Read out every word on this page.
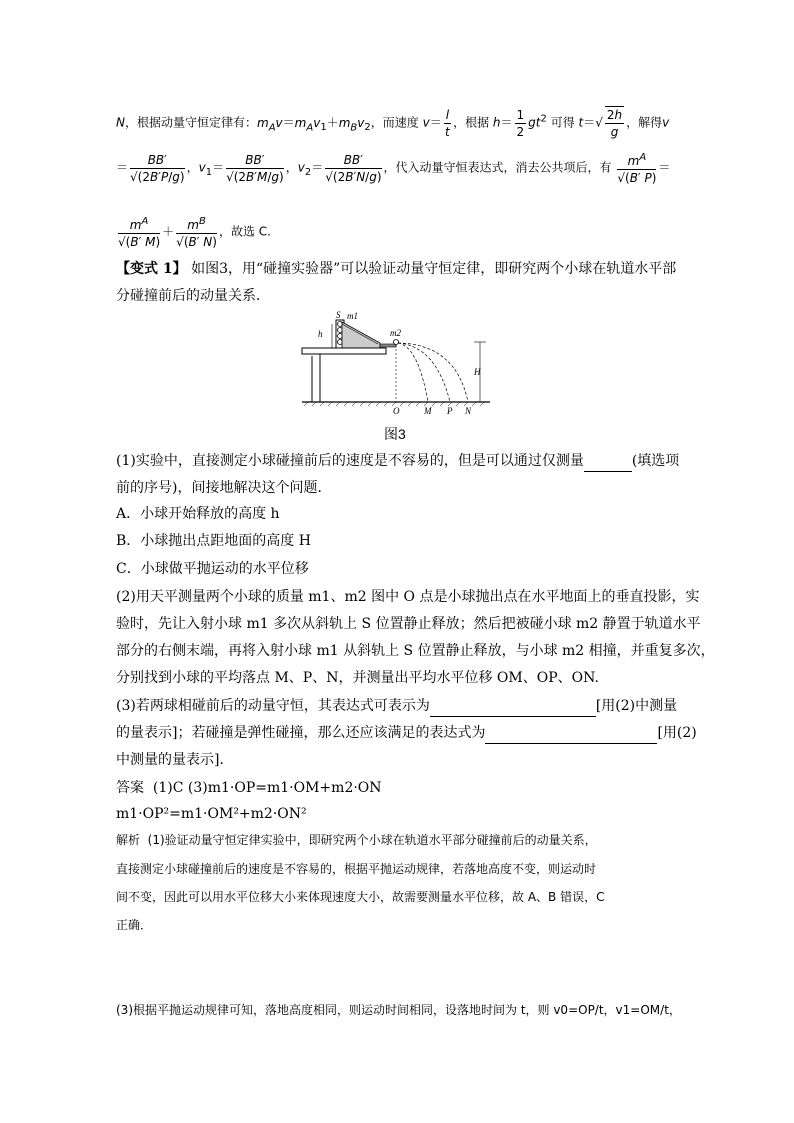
N，根据动量守恒定律有：$m_Av=m_Av_1+m_Bv_2$，而速度 $v= \frac{l}{t}$ ，根据 $h= \frac{1}{2} gt^2$ 可得 $t=√ \frac{2h}{g}$ ，解得v
＝ $\frac{BB'}{√(2B'P/g)}$ ，$v_1= \frac{BB'}{√(2B'M/g)}$ ，$v_2= \frac{BB'}{√(2B'N/g)}$ ，代入动量守恒表达式，消去公共项后，有 $\frac{m^A}{√(B' P)}$ ＝
$\frac{m^A}{√(B' M)} + \frac{m^B}{√(B' N)}$ ，故选 C.
【变式 1】 如图3，用“碰撞实验器”可以验证动量守恒定律，即研究两个小球在轨道水平部
分碰撞前后的动量关系．
h
S m1
m2
H
O	M P N
图3
(1)实验中，直接测定小球碰撞前后的速度是不容易的，但是可以通过仅测量	(填选项
前的序号)，间接地解决这个问题．
A．小球开始释放的高度 h
B．小球抛出点距地面的高度 H
C．小球做平抛运动的水平位移
(2)用天平测量两个小球的质量 m1、m2 图中 O 点是小球抛出点在水平地面上的垂直投影，实
验时，先让入射小球 m1 多次从斜轨上 S 位置静止释放；然后把被碰小球 m2 静置于轨道水平
部分的右侧末端，再将入射小球 m1 从斜轨上 S 位置静止释放，与小球 m2 相撞，并重复多次，
分别找到小球的平均落点 M、P、N，并测量出平均水平位移 OM、OP、ON.
(3)若两球相碰前后的动量守恒，其表达式可表示为	[用(2)中测量
的量表示]；若碰撞是弹性碰撞，那么还应该满足的表达式为	[用(2)
中测量的量表示]．
答案 (1)C (3)m1·OP=m1·OM+m2·ON
m1·OP²=m1·OM²+m2·ON²
解析 (1)验证动量守恒定律实验中，即研究两个小球在轨道水平部分碰撞前后的动量关系，
直接测定小球碰撞前后的速度是不容易的，根据平抛运动规律，若落地高度不变，则运动时
间不变，因此可以用水平位移大小来体现速度大小，故需要测量水平位移，故 A、B 错误，C
正确．
(3)根据平抛运动规律可知，落地高度相同，则运动时间相同，设落地时间为 t，则 v0=OP/t，v1=OM/t，
